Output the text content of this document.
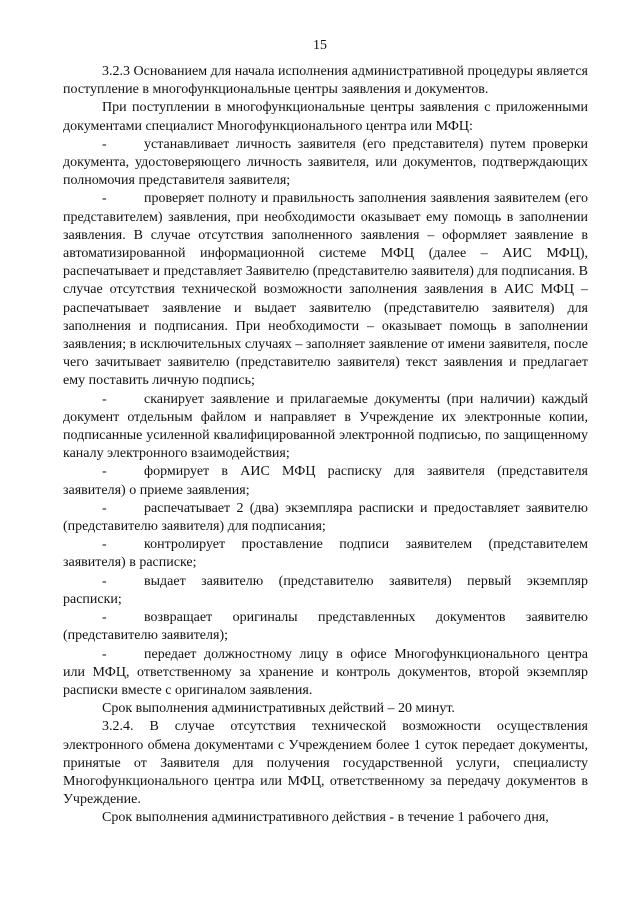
15

3.2.3 Основанием для начала исполнения административной процедуры является поступление в многофункциональные центры заявления и документов.

При поступлении в многофункциональные центры заявления с приложенными документами специалист Многофункционального центра или МФЦ:

-	устанавливает личность заявителя (его представителя) путем проверки документа, удостоверяющего личность заявителя, или документов, подтверждающих полномочия представителя заявителя;

-	проверяет полноту и правильность заполнения заявления заявителем (его представителем) заявления, при необходимости оказывает ему помощь в заполнении заявления. В случае отсутствия заполненного заявления – оформляет заявление в автоматизированной информационной системе МФЦ (далее – АИС МФЦ), распечатывает и представляет Заявителю (представителю заявителя) для подписания. В случае отсутствия технической возможности заполнения заявления в АИС МФЦ – распечатывает заявление и выдает заявителю (представителю заявителя) для заполнения и подписания. При необходимости – оказывает помощь в заполнении заявления; в исключительных случаях – заполняет заявление от имени заявителя, после чего зачитывает заявителю (представителю заявителя) текст заявления и предлагает ему поставить личную подпись;

-	сканирует заявление и прилагаемые документы (при наличии) каждый документ отдельным файлом и направляет в Учреждение их электронные копии, подписанные усиленной квалифицированной электронной подписью, по защищенному каналу электронного взаимодействия;

-	формирует в АИС МФЦ расписку для заявителя (представителя заявителя) о приеме заявления;

-	распечатывает 2 (два) экземпляра расписки и предоставляет заявителю (представителю заявителя) для подписания;

-	контролирует проставление подписи заявителем (представителем заявителя) в расписке;

-	выдает заявителю (представителю заявителя) первый экземпляр расписки;

-	возвращает оригиналы представленных документов заявителю (представителю заявителя);

-	передает должностному лицу в офисе Многофункционального центра или МФЦ, ответственному за хранение и контроль документов, второй экземпляр расписки вместе с оригиналом заявления.

Срок выполнения административных действий – 20 минут.

3.2.4. В случае отсутствия технической возможности осуществления электронного обмена документами с Учреждением более 1 суток передает документы, принятые от Заявителя для получения государственной услуги, специалисту Многофункционального центра или МФЦ, ответственному за передачу документов в Учреждение.

Срок выполнения административного действия - в течение 1 рабочего дня,
